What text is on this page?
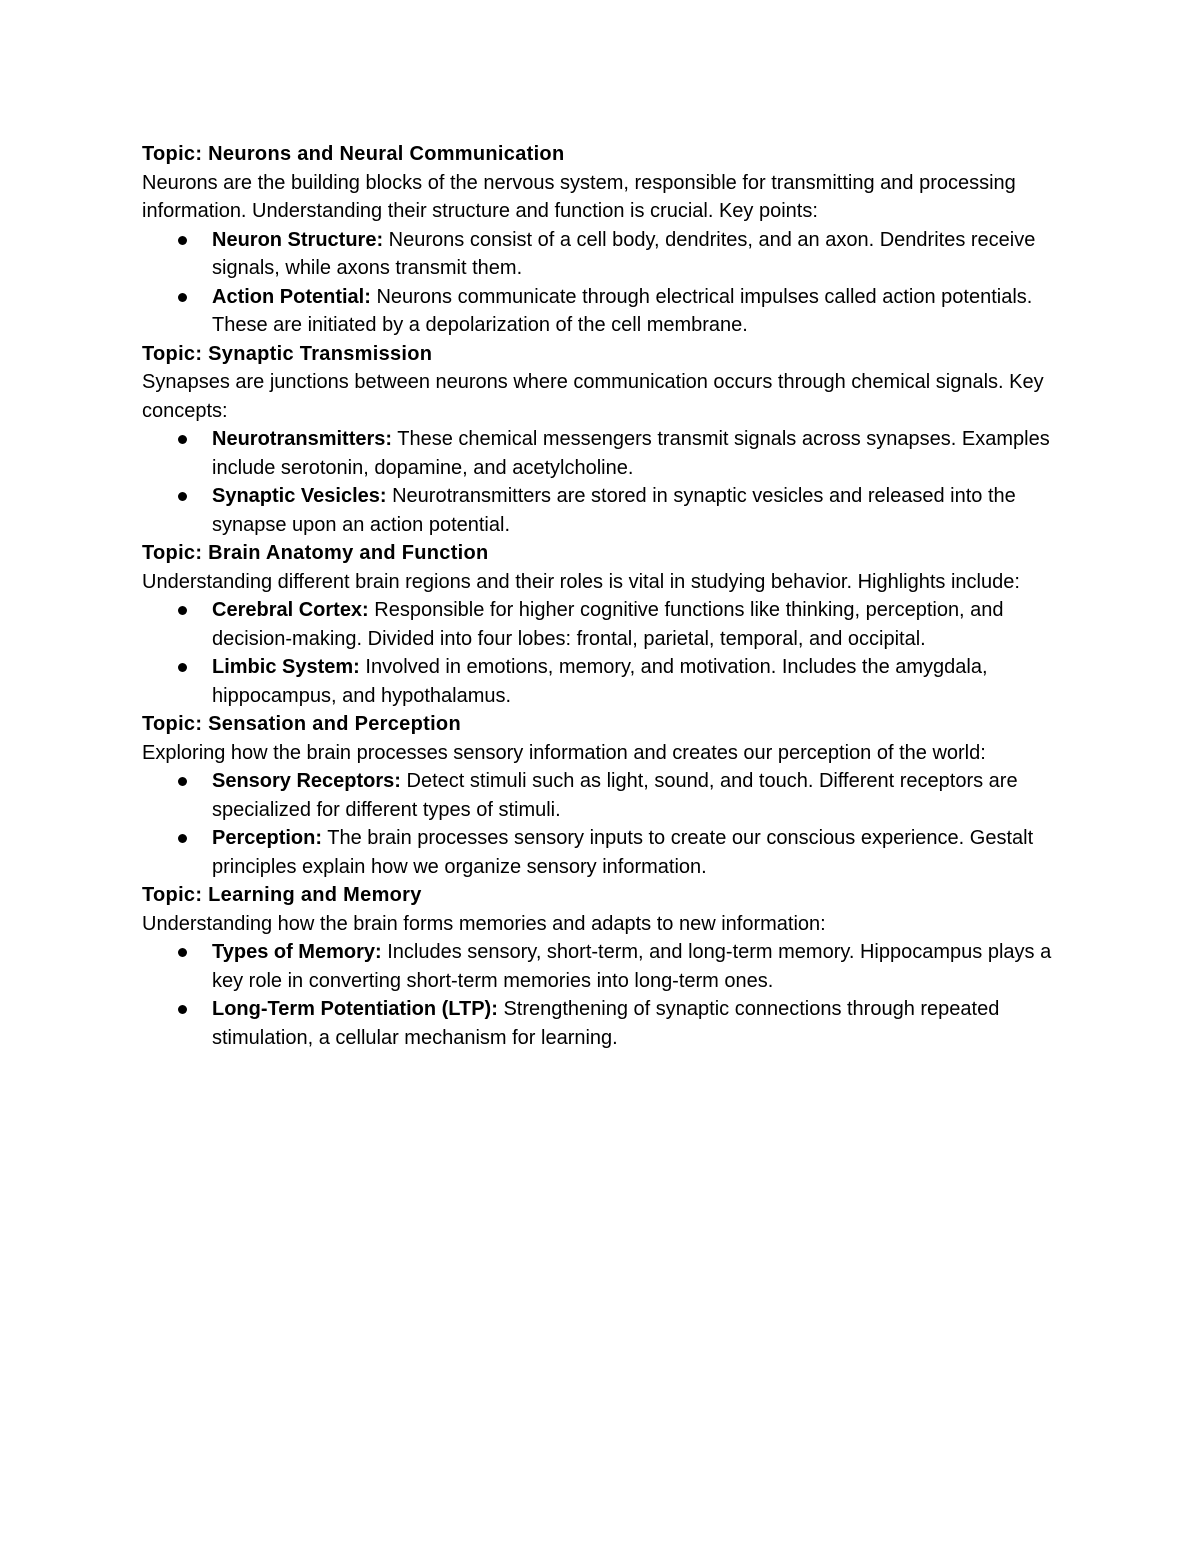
Topic: Neurons and Neural Communication

Neurons are the building blocks of the nervous system, responsible for transmitting and processing information. Understanding their structure and function is crucial. Key points:

Neuron Structure: Neurons consist of a cell body, dendrites, and an axon. Dendrites receive signals, while axons transmit them.
Action Potential: Neurons communicate through electrical impulses called action potentials. These are initiated by a depolarization of the cell membrane.

Topic: Synaptic Transmission

Synapses are junctions between neurons where communication occurs through chemical signals. Key concepts:

Neurotransmitters: These chemical messengers transmit signals across synapses. Examples include serotonin, dopamine, and acetylcholine.
Synaptic Vesicles: Neurotransmitters are stored in synaptic vesicles and released into the synapse upon an action potential.

Topic: Brain Anatomy and Function

Understanding different brain regions and their roles is vital in studying behavior. Highlights include:

Cerebral Cortex: Responsible for higher cognitive functions like thinking, perception, and decision-making. Divided into four lobes: frontal, parietal, temporal, and occipital.
Limbic System: Involved in emotions, memory, and motivation. Includes the amygdala, hippocampus, and hypothalamus.

Topic: Sensation and Perception

Exploring how the brain processes sensory information and creates our perception of the world:

Sensory Receptors: Detect stimuli such as light, sound, and touch. Different receptors are specialized for different types of stimuli.
Perception: The brain processes sensory inputs to create our conscious experience. Gestalt principles explain how we organize sensory information.

Topic: Learning and Memory

Understanding how the brain forms memories and adapts to new information:

Types of Memory: Includes sensory, short-term, and long-term memory. Hippocampus plays a key role in converting short-term memories into long-term ones.
Long-Term Potentiation (LTP): Strengthening of synaptic connections through repeated stimulation, a cellular mechanism for learning.
